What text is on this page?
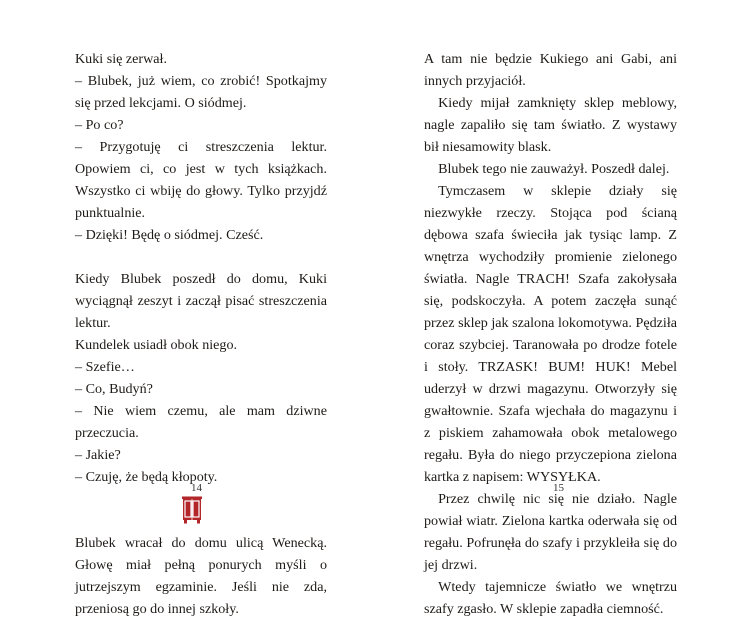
Kuki się zerwał.

– Blubek, już wiem, co zrobić! Spotkajmy się przed lekcjami. O siódmej.

– Po co?

– Przygotuję ci streszczenia lektur. Opowiem ci, co jest w tych książkach. Wszystko ci wbiję do głowy. Tylko przyjdź punktualnie.

– Dzięki! Będę o siódmej. Cześć.

Kiedy Blubek poszedł do domu, Kuki wyciągnął zeszyt i zaczął pisać streszczenia lektur.

Kundelek usiadł obok niego.

– Szefie…

– Co, Budyń?

– Nie wiem czemu, ale mam dziwne przeczucia.

– Jakie?

– Czuję, że będą kłopoty.

Blubek wracał do domu ulicą Wenecką. Głowę miał pełną ponurych myśli o jutrzejszym egzaminie. Jeśli nie zda, przeniosą go do innej szkoły.

14

A tam nie będzie Kukiego ani Gabi, ani innych przyjaciół.

Kiedy mijał zamknięty sklep meblowy, nagle zapaliło się tam światło. Z wystawy bił niesamowity blask.

Blubek tego nie zauważył. Poszedł dalej.

Tymczasem w sklepie działy się niezwykłe rzeczy. Stojąca pod ścianą dębowa szafa świeciła jak tysiąc lamp. Z wnętrza wychodziły promienie zielonego światła. Nagle TRACH! Szafa zakołysała się, podskoczyła. A potem zaczęła sunąć przez sklep jak szalona lokomotywa. Pędziła coraz szybciej. Taranowała po drodze fotele i stoły. TRZASK! BUM! HUK! Mebel uderzył w drzwi magazynu. Otworzyły się gwałtownie. Szafa wjechała do magazynu i z piskiem zahamowała obok metalowego regału. Była do niego przyczepiona zielona kartka z napisem: WYSYŁKA.

Przez chwilę nic się nie działo. Nagle powiał wiatr. Zielona kartka oderwała się od regału. Pofrunęła do szafy i przykleiła się do jej drzwi.

Wtedy tajemnicze światło we wnętrzu szafy zgasło. W sklepie zapadła ciemność.

15
